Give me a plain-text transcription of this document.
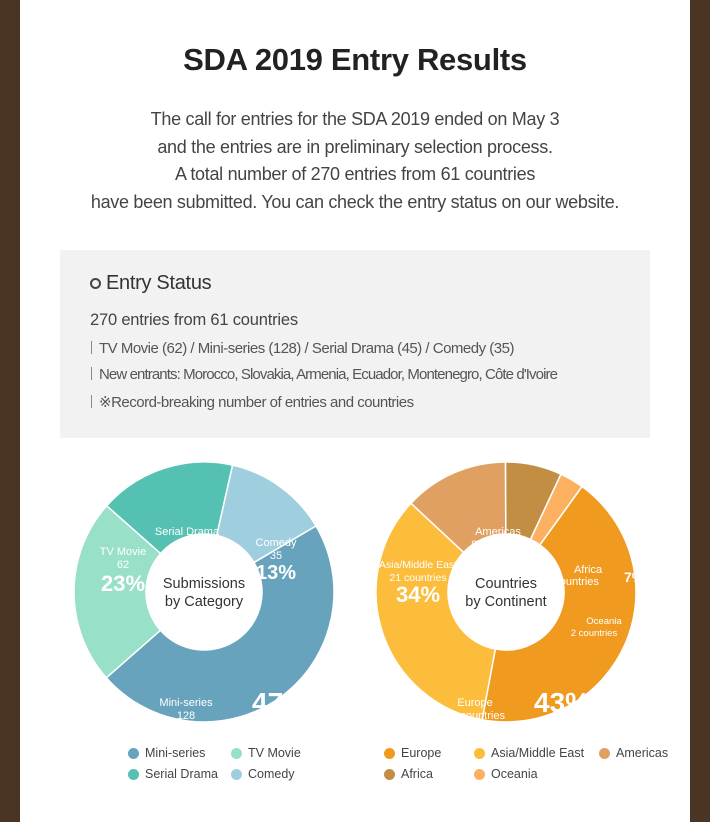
SDA 2019 Entry Results
The call for entries for the SDA 2019 ended on May 3
and the entries are in preliminary selection process.
A total number of 270 entries from 61 countries
have been submitted. You can check the entry status on our website.
Entry Status
270 entries from 61 countries
TV Movie (62) / Mini-series (128) / Serial Drama (45) / Comedy (35)
New entrants: Morocco, Slovakia, Armenia, Ecuador, Montenegro, Côte d'Ivoire
※Record-breaking number of entries and countries
Submissions
by Category
Serial Drama
45
17%
Comedy
35
13%
Mini-series
128 47%
TV Movie
62
23%	Countries
by Continent
Americas
8 countries
13%	Africa
4 countries 7%
Oceania
2 countries 3%
Europe
26 countries 43%
Asia/Middle East
21 countries
34%
Mini-series	TV Movie
Serial Drama Comedy
Europe	Asia/Middle East	Americas
Africa	Oceania
